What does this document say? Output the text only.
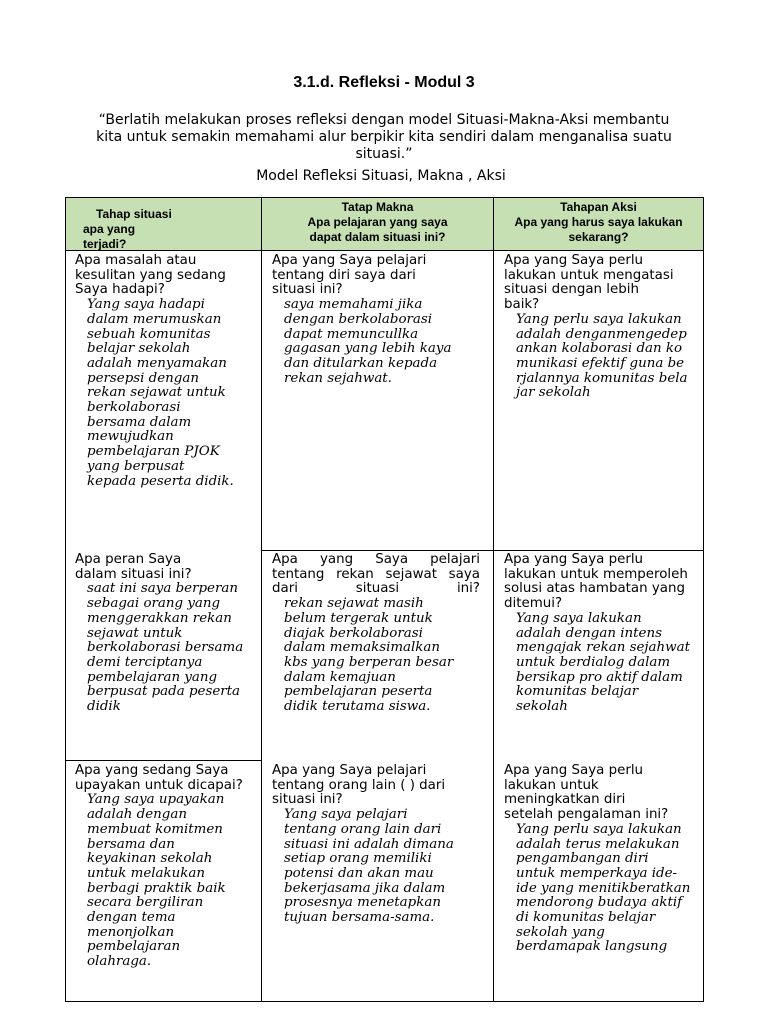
3.1.d. Refleksi - Modul 3
“Berlatih melakukan proses refleksi dengan model Situasi-Makna-Aksi membantu kita untuk semakin memahami alur berpikir kita sendiri dalam menganalisa suatu situasi.”
Model Refleksi Situasi, Makna , Aksi
Tahap situasi
apa yang
terjadi?
Tatap Makna
Apa pelajaran yang saya
dapat dalam situasi ini?
Tahapan Aksi
Apa yang harus saya lakukan
sekarang?
Apa masalah atau kesulitan yang sedang Saya hadapi?
Yang saya hadapi dalam merumuskan sebuah komunitas belajar sekolah adalah menyamakan persepsi dengan rekan sejawat untuk berkolaborasi bersama dalam mewujudkan pembelajaran PJOK yang berpusat kepada peserta didik.
Apa peran Saya dalam situasi ini?
saat ini saya berperan sebagai orang yang menggerakkan rekan sejawat untuk berkolaborasi bersama demi terciptanya pembelajaran yang berpusat pada peserta didik
Apa yang sedang Saya upayakan untuk dicapai?
Yang saya upayakan adalah dengan membuat komitmen bersama dan keyakinan sekolah untuk melakukan berbagi praktik baik secara bergiliran dengan tema menonjolkan pembelajaran olahraga.
Apa yang Saya pelajari tentang diri saya dari situasi ini?
saya memahami jika dengan berkolaborasi dapat memuncullka gagasan yang lebih kaya dan ditularkan kepada rekan sejahwat.
Apa yang Saya pelajari tentang rekan sejawat saya dari situasi ini?
rekan sejawat masih belum tergerak untuk diajak berkolaborasi dalam memaksimalkan kbs yang berperan besar dalam kemajuan pembelajaran peserta didik terutama siswa.
Apa yang Saya pelajari tentang orang lain ( ) dari situasi ini?
Yang saya pelajari tentang orang lain dari situasi ini adalah dimana setiap orang memiliki potensi dan akan mau bekerjasama jika dalam prosesnya menetapkan tujuan bersama-sama.
Apa yang Saya perlu lakukan untuk mengatasi situasi dengan lebih baik?
Yang perlu saya lakukan adalah denganmengedepankan kolaborasi dan komunikasi efektif guna berjalannya komunitas belajar sekolah
Apa yang Saya perlu lakukan untuk memperoleh solusi atas hambatan yang ditemui?
Yang saya lakukan adalah dengan intens mengajak rekan sejahwat untuk berdialog dalam bersikap pro aktif dalam komunitas belajar sekolah
Apa yang Saya perlu lakukan untuk meningkatkan diri setelah pengalaman ini?
Yang perlu saya lakukan adalah terus melakukan pengambangan diri untuk memperkaya ide-ide yang menitikberatkan mendorong budaya aktif di komunitas belajar sekolah yang berdamapak langsung
